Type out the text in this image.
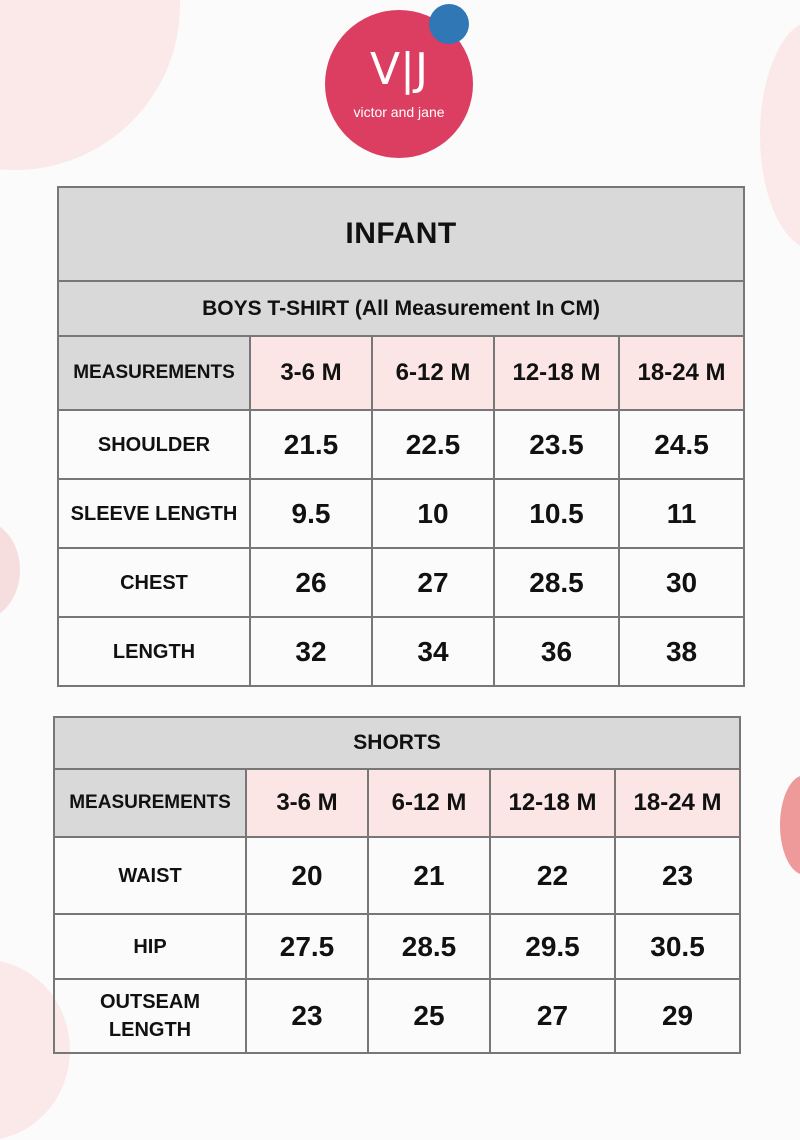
V|J
victor and jane
INFANT				
BOYS T-SHIRT (All Measurement In CM)				
MEASUREMENTS	3-6 M	6-12 M	12-18 M	18-24 M
SHOULDER	21.5	22.5	23.5	24.5
SLEEVE LENGTH	9.5	10	10.5	11
CHEST	26	27	28.5	30
LENGTH	32	34	36	38
SHORTS				
MEASUREMENTS	3-6 M	6-12 M	12-18 M	18-24 M
WAIST	20	21	22	23
HIP	27.5	28.5	29.5	30.5

OUTSEAM
LENGTH	23	25	27	29
